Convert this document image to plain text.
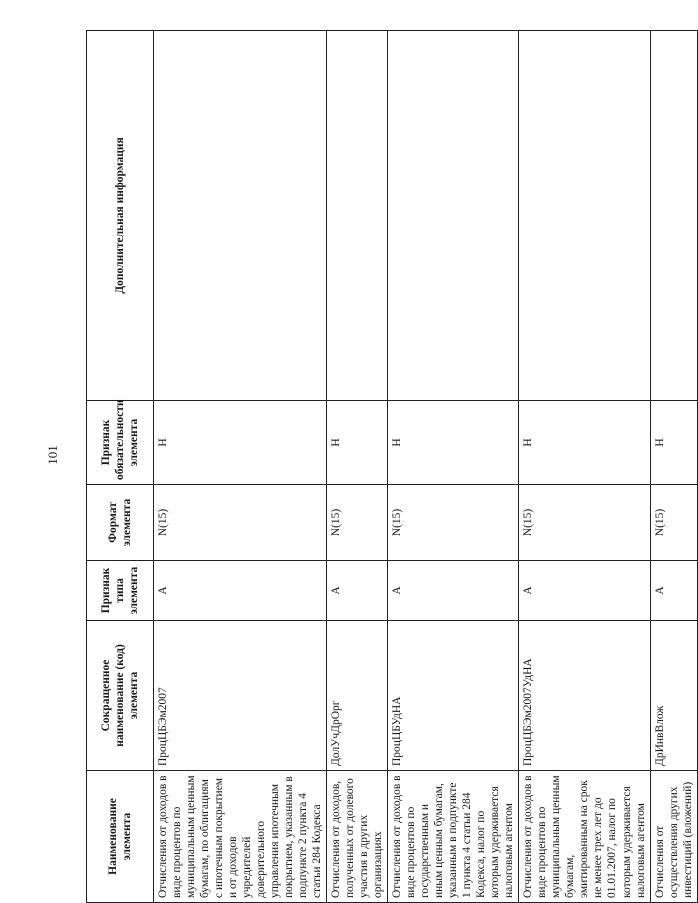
101
Наименование элемента	Сокращенное наименование (код) элемента	Признак типа элемента	Формат элемента	Признак обязательности элемента	Дополнительная информация
Отчисления от доходов в виде процентов по муниципальным ценным бумагам, по облигациям с ипотечным покрытием и от доходов учредителей доверительного управления ипотечным покрытием, указанным в подпункте 2 пункта 4 статьи 284 Кодекса	ПроцЦБЭм2007	А	N(15)	Н	
Отчисления от доходов, полученных от долевого участия в других организациях	ДолУчДрОрг	А	N(15)	Н	
Отчисления от доходов в виде процентов по государственным и иным ценным бумагам, указанным в подпункте 1 пункта 4 статьи 284 Кодекса, налог по которым удерживается налоговым агентом	ПроцЦБУдНА	А	N(15)	Н	
Отчисления от доходов в виде процентов по муниципальным ценным бумагам, эмитированным на срок не менее трех лет до 01.01.2007, налог по которым удерживается налоговым агентом	ПроцЦБЭм2007УдНА	А	N(15)	Н	
Отчисления от осуществления других инвестиций (вложений)	ДрИнвВлож	А	N(15)	Н	
